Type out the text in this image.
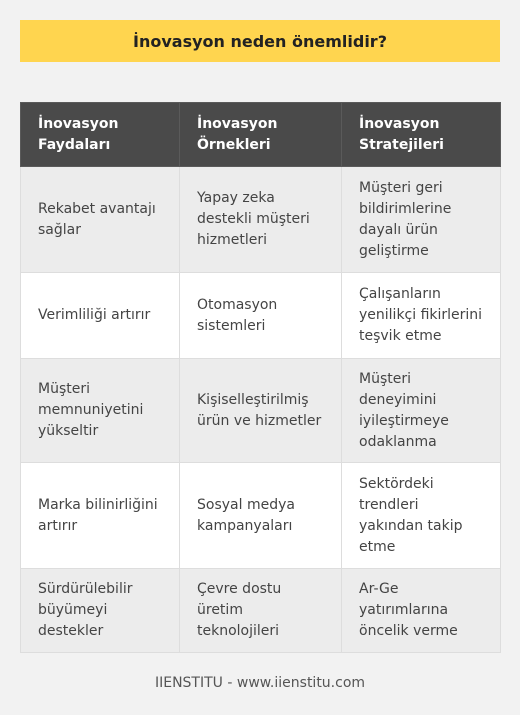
İnovasyon neden önemlidir?
İnovasyon Faydaları	İnovasyon Örnekleri	İnovasyon Stratejileri
Rekabet avantajı sağlar	Yapay zeka destekli müşteri hizmetleri	Müşteri geri bildirimlerine dayalı ürün geliştirme
Verimliliği artırır	Otomasyon sistemleri	Çalışanların yenilikçi fikirlerini teşvik etme
Müşteri memnuniyetini yükseltir	Kişiselleştirilmiş ürün ve hizmetler	Müşteri deneyimini iyileştirmeye odaklanma
Marka bilinirliğini artırır	Sosyal medya kampanyaları	Sektördeki trendleri yakından takip etme
Sürdürülebilir büyümeyi destekler	Çevre dostu üretim teknolojileri	Ar-Ge yatırımlarına öncelik verme
IIENSTITU - www.iienstitu.com
